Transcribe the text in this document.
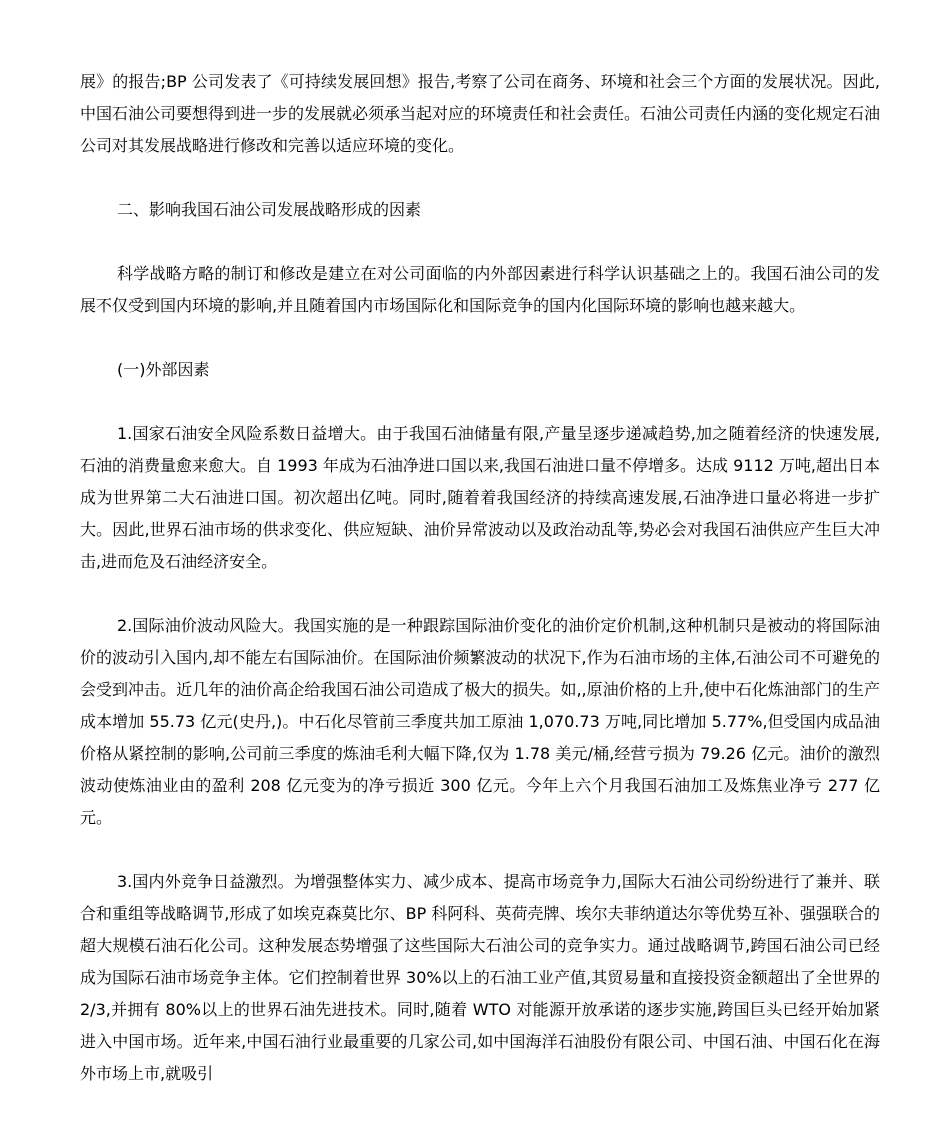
展》的报告;BP 公司发表了《可持续发展回想》报告,考察了公司在商务、环境和社会三个方面的发展状况。因此,中国石油公司要想得到进一步的发展就必须承当起对应的环境责任和社会责任。石油公司责任内涵的变化规定石油公司对其发展战略进行修改和完善以适应环境的变化。

二、影响我国石油公司发展战略形成的因素

科学战略方略的制订和修改是建立在对公司面临的内外部因素进行科学认识基础之上的。我国石油公司的发展不仅受到国内环境的影响,并且随着国内市场国际化和国际竞争的国内化国际环境的影响也越来越大。

(一)外部因素

1.国家石油安全风险系数日益增大。由于我国石油储量有限,产量呈逐步递减趋势,加之随着经济的快速发展,石油的消费量愈来愈大。自 1993 年成为石油净进口国以来,我国石油进口量不停增多。达成 9112 万吨,超出日本成为世界第二大石油进口国。初次超出亿吨。同时,随着着我国经济的持续高速发展,石油净进口量必将进一步扩大。因此,世界石油市场的供求变化、供应短缺、油价异常波动以及政治动乱等,势必会对我国石油供应产生巨大冲击,进而危及石油经济安全。

2.国际油价波动风险大。我国实施的是一种跟踪国际油价变化的油价定价机制,这种机制只是被动的将国际油价的波动引入国内,却不能左右国际油价。在国际油价频繁波动的状况下,作为石油市场的主体,石油公司不可避免的会受到冲击。近几年的油价高企给我国石油公司造成了极大的损失。如,,原油价格的上升,使中石化炼油部门的生产成本增加 55.73 亿元(史丹,)。中石化尽管前三季度共加工原油 1,070.73 万吨,同比增加 5.77%,但受国内成品油价格从紧控制的影响,公司前三季度的炼油毛利大幅下降,仅为 1.78 美元/桶,经营亏损为 79.26 亿元。油价的激烈波动使炼油业由的盈利 208 亿元变为的净亏损近 300 亿元。今年上六个月我国石油加工及炼焦业净亏 277 亿元。

3.国内外竞争日益激烈。为增强整体实力、减少成本、提高市场竞争力,国际大石油公司纷纷进行了兼并、联合和重组等战略调节,形成了如埃克森莫比尔、BP 科阿科、英荷壳牌、埃尔夫菲纳道达尔等优势互补、强强联合的超大规模石油石化公司。这种发展态势增强了这些国际大石油公司的竞争实力。通过战略调节,跨国石油公司已经成为国际石油市场竞争主体。它们控制着世界 30%以上的石油工业产值,其贸易量和直接投资金额超出了全世界的 2/3,并拥有 80%以上的世界石油先进技术。同时,随着 WTO 对能源开放承诺的逐步实施,跨国巨头已经开始加紧进入中国市场。近年来,中国石油行业最重要的几家公司,如中国海洋石油股份有限公司、中国石油、中国石化在海外市场上市,就吸引
